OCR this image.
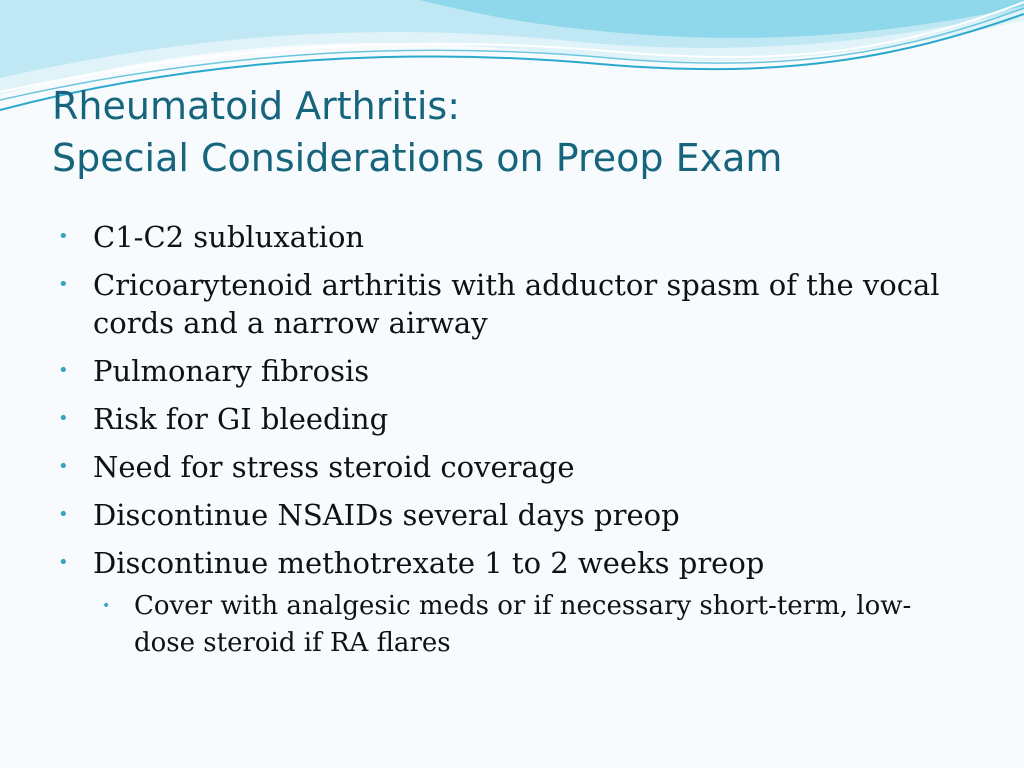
Rheumatoid Arthritis:
Special Considerations on Preop Exam
• C1-C2 subluxation
• Cricoarytenoid arthritis with adductor spasm of the vocal cords and a narrow airway
• Pulmonary fibrosis
• Risk for GI bleeding
• Need for stress steroid coverage
• Discontinue NSAIDs several days preop
• Discontinue methotrexate 1 to 2 weeks preop
• Cover with analgesic meds or if necessary short-term, low-dose steroid if RA flares
